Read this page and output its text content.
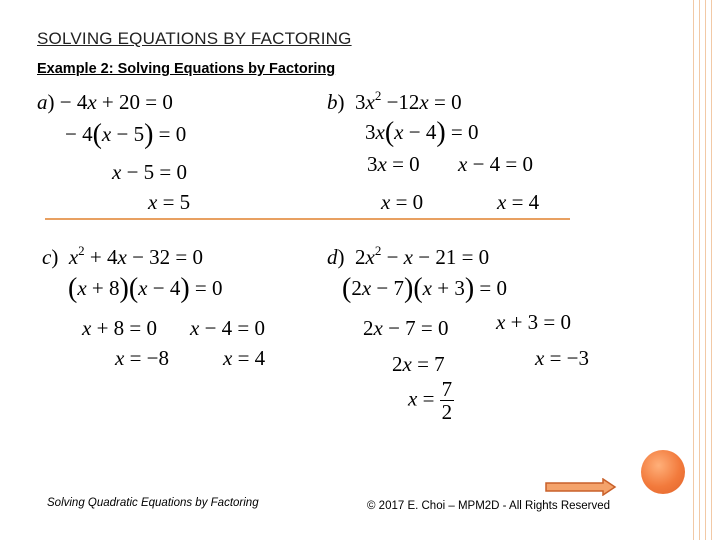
SOLVING EQUATIONS BY FACTORING
Example 2: Solving Equations by Factoring
a) − 4x + 20 = 0
− 4(x − 5) = 0
x − 5 = 0
x = 5
b)  $3x^2 -12x = 0$
3x(x − 4) = 0
3x = 0 x − 4 = 0
x = 0	x = 4
c)  $x^2 + 4x - 32 = 0$
(x + 8)(x − 4) = 0
x + 8 = 0 x − 4 = 0
x = −8	x = 4
d)  $2x^2 - x - 21 = 0$
(2x − 7)(x + 3) = 0
2x − 7 = 0 x + 3 = 0
2x = 7	x = −3
$x = \frac{7}{2}$
Solving Quadratic Equations by Factoring	© 2017 E. Choi – MPM2D - All Rights Reserved
